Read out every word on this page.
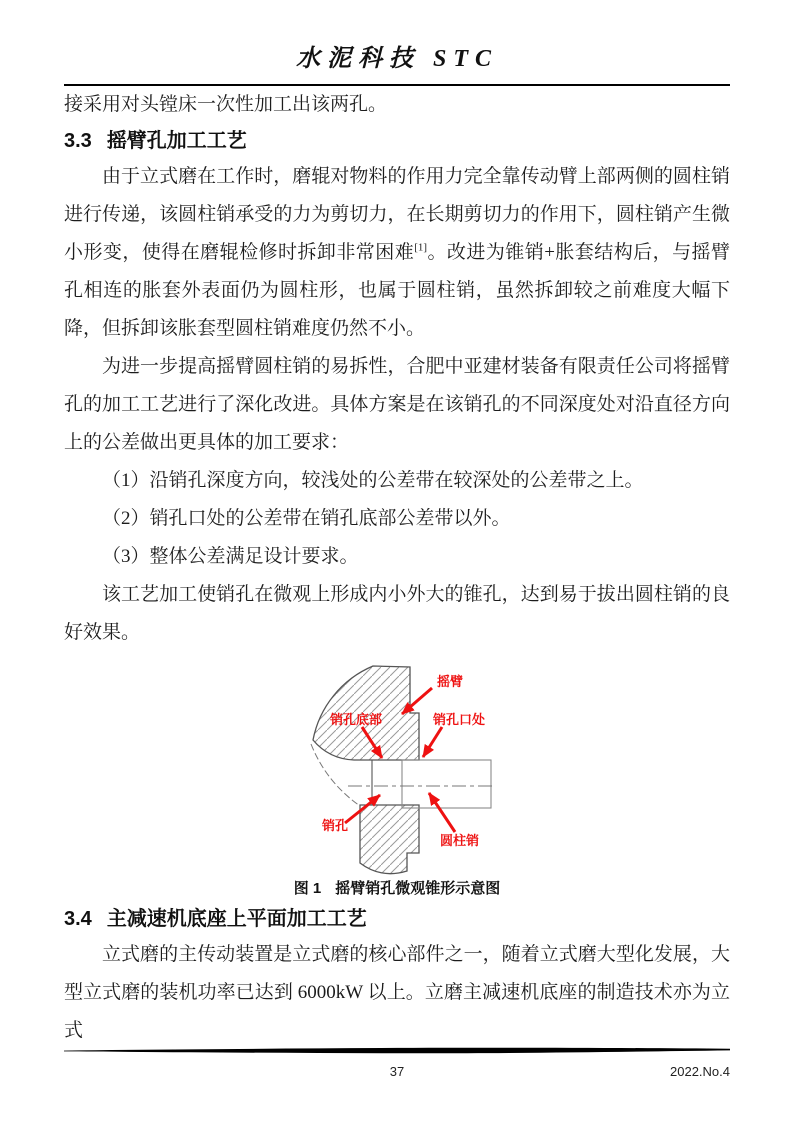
水泥科技 STC

接采用对头镗床一次性加工出该两孔。

3.3 摇臂孔加工工艺

由于立式磨在工作时，磨辊对物料的作用力完全靠传动臂上部两侧的圆柱销进行传递，该圆柱销承受的力为剪切力，在长期剪切力的作用下，圆柱销产生微小形变，使得在磨辊检修时拆卸非常困难[1]。改进为锥销+胀套结构后，与摇臂孔相连的胀套外表面仍为圆柱形，也属于圆柱销，虽然拆卸较之前难度大幅下降，但拆卸该胀套型圆柱销难度仍然不小。

为进一步提高摇臂圆柱销的易拆性，合肥中亚建材装备有限责任公司将摇臂孔的加工工艺进行了深化改进。具体方案是在该销孔的不同深度处对沿直径方向上的公差做出更具体的加工要求：

（1）沿销孔深度方向，较浅处的公差带在较深处的公差带之上。

（2）销孔口处的公差带在销孔底部公差带以外。

（3）整体公差满足设计要求。

该工艺加工使销孔在微观上形成内小外大的锥孔，达到易于拔出圆柱销的良好效果。

摇臂
销孔底部	销孔口处
销孔
圆柱销
图 1 摇臂销孔微观锥形示意图

3.4 主减速机底座上平面加工工艺

立式磨的主传动装置是立式磨的核心部件之一，随着立式磨大型化发展，大型立式磨的装机功率已达到 6000kW 以上。立磨主减速机底座的制造技术亦为立式

37	2022.No.4
